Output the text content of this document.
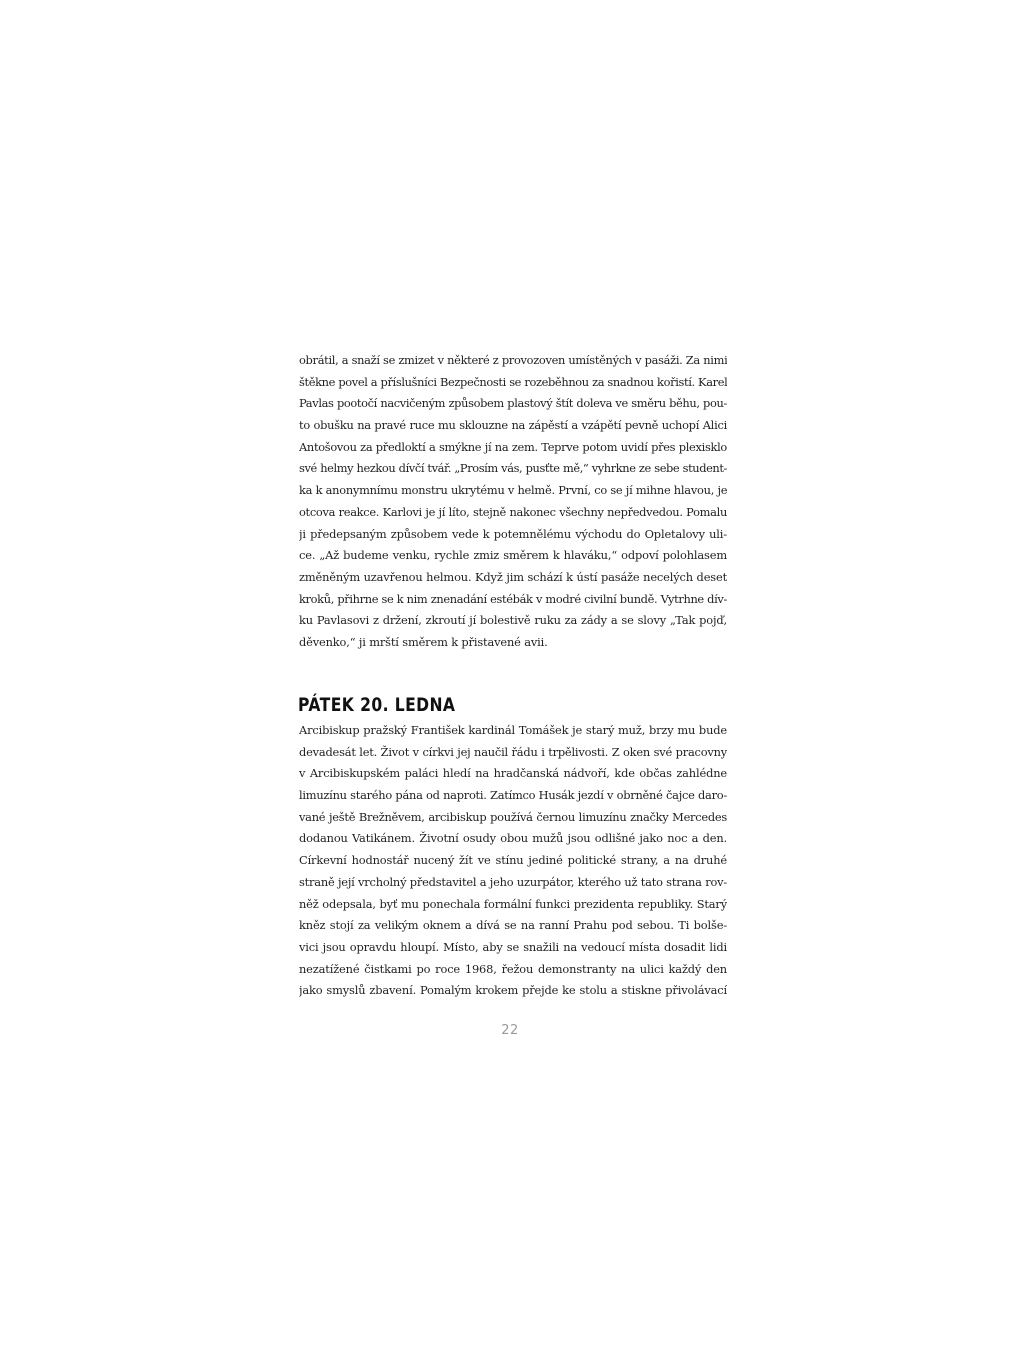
obrátil, a snaží se zmizet v některé z provozoven umístěných v pasáži. Za nimi
štěkne povel a příslušníci Bezpečnosti se rozeběhnou za snadnou kořistí. Karel
Pavlas pootočí nacvičeným způsobem plastový štít doleva ve směru běhu, pou-
to obušku na pravé ruce mu sklouzne na zápěstí a vzápětí pevně uchopí Alici
Antošovou za předloktí a smýkne jí na zem. Teprve potom uvidí přes plexisklo
své helmy hezkou dívčí tvář. „Prosím vás, pusťte mě,“ vyhrkne ze sebe student-
ka k anonymnímu monstru ukrytému v helmě. První, co se jí mihne hlavou, je
otcova reakce. Karlovi je jí líto, stejně nakonec všechny nepředvedou. Pomalu
ji předepsaným způsobem vede k potemnělému východu do Opletalovy uli-
ce. „Až budeme venku, rychle zmiz směrem k hlaváku,“ odpoví polohlasem
změněným uzavřenou helmou. Když jim schází k ústí pasáže necelých deset
kroků, přihrne se k nim znenadání estébák v modré civilní bundě. Vytrhne dív-
ku Pavlasovi z držení, zkroutí jí bolestivě ruku za zády a se slovy „Tak pojď,
děvenko,“ ji mrští směrem k přistavené avii.
PÁTEK 20. LEDNA
Arcibiskup pražský František kardinál Tomášek je starý muž, brzy mu bude
devadesát let. Život v církvi jej naučil řádu i trpělivosti. Z oken své pracovny
v Arcibiskupském paláci hledí na hradčanská nádvoří, kde občas zahlédne
limuzínu starého pána od naproti. Zatímco Husák jezdí v obrněné čajce darо-
vané ještě Brežněvem, arcibiskup používá černou limuzínu značky Mercedes
dodanou Vatikánem. Životní osudy obou mužů jsou odlišné jako noc a den.
Církevní hodnostář nucený žít ve stínu jediné politické strany, a na druhé
straně její vrcholný představitel a jeho uzurpátor, kterého už tato strana rov-
něž odepsala, byť mu ponechala formální funkci prezidenta republiky. Starý
kněz stojí za velikým oknem a dívá se na ranní Prahu pod sebou. Ti bolše-
vici jsou opravdu hloupí. Místo, aby se snažili na vedoucí místa dosadit lidi
nezatížené čistkami po roce 1968, řežou demonstranty na ulici každý den
jako smyslů zbavení. Pomalým krokem přejde ke stolu a stiskne přivolávací
22
